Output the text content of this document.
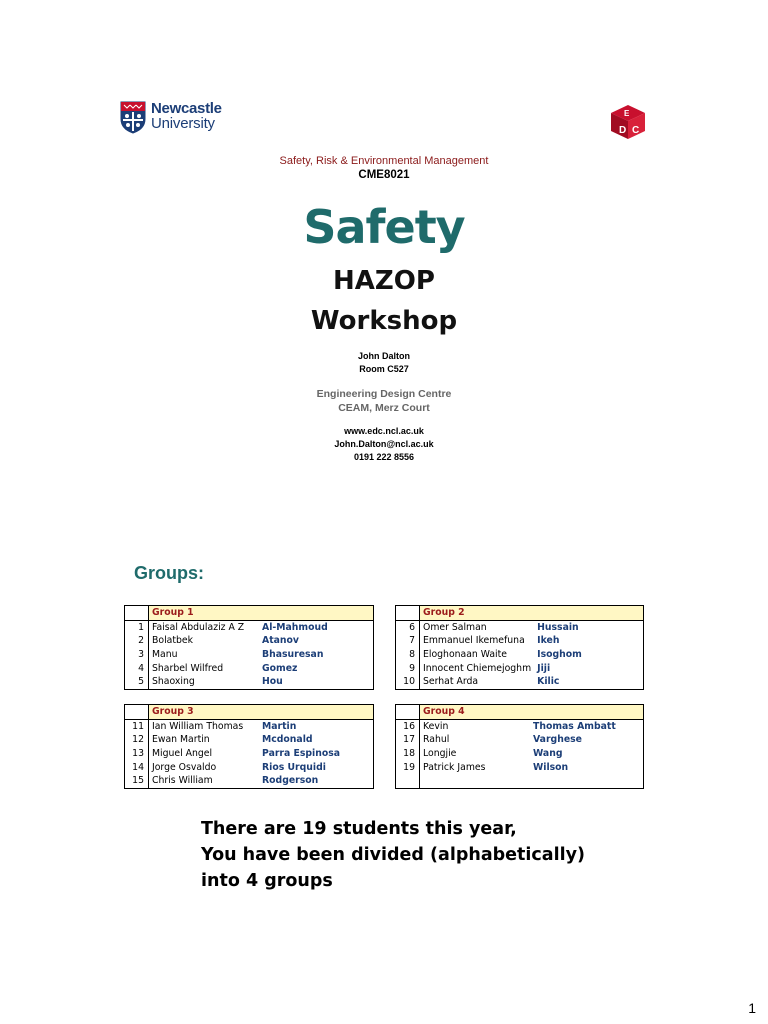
Newcastle
University	D C
E
Safety, Risk & Environmental Management
CME8021
Safety
HAZOP
Workshop
John Dalton
Room C527
Engineering Design Centre
CEAM, Merz Court
www.edc.ncl.ac.uk
John.Dalton@ncl.ac.uk
0191 222 8556
Groups:
	Group 1	
1	Faisal Abdulaziz A Z	Al-Mahmoud
2	Bolatbek	Atanov
3	Manu	Bhasuresan
4	Sharbel Wilfred	Gomez
5	Shaoxing	Hou
	Group 2	
6	Omer Salman	Hussain
7	Emmanuel Ikemefuna	Ikeh
8	Eloghonaan Waite	Isoghom
9	Innocent Chiemejoghm	Jiji
10	Serhat Arda	Kilic
	Group 3	
11	Ian William Thomas	Martin
12	Ewan Martin	Mcdonald
13	Miguel Angel	Parra Espinosa
14	Jorge Osvaldo	Rios Urquidi
15	Chris William	Rodgerson
	Group 4	
16	Kevin	Thomas Ambatt
17	Rahul	Varghese
18	Longjie	Wang
19	Patrick James	Wilson

There are 19 students this year,
You have been divided (alphabetically)
into 4 groups
1
